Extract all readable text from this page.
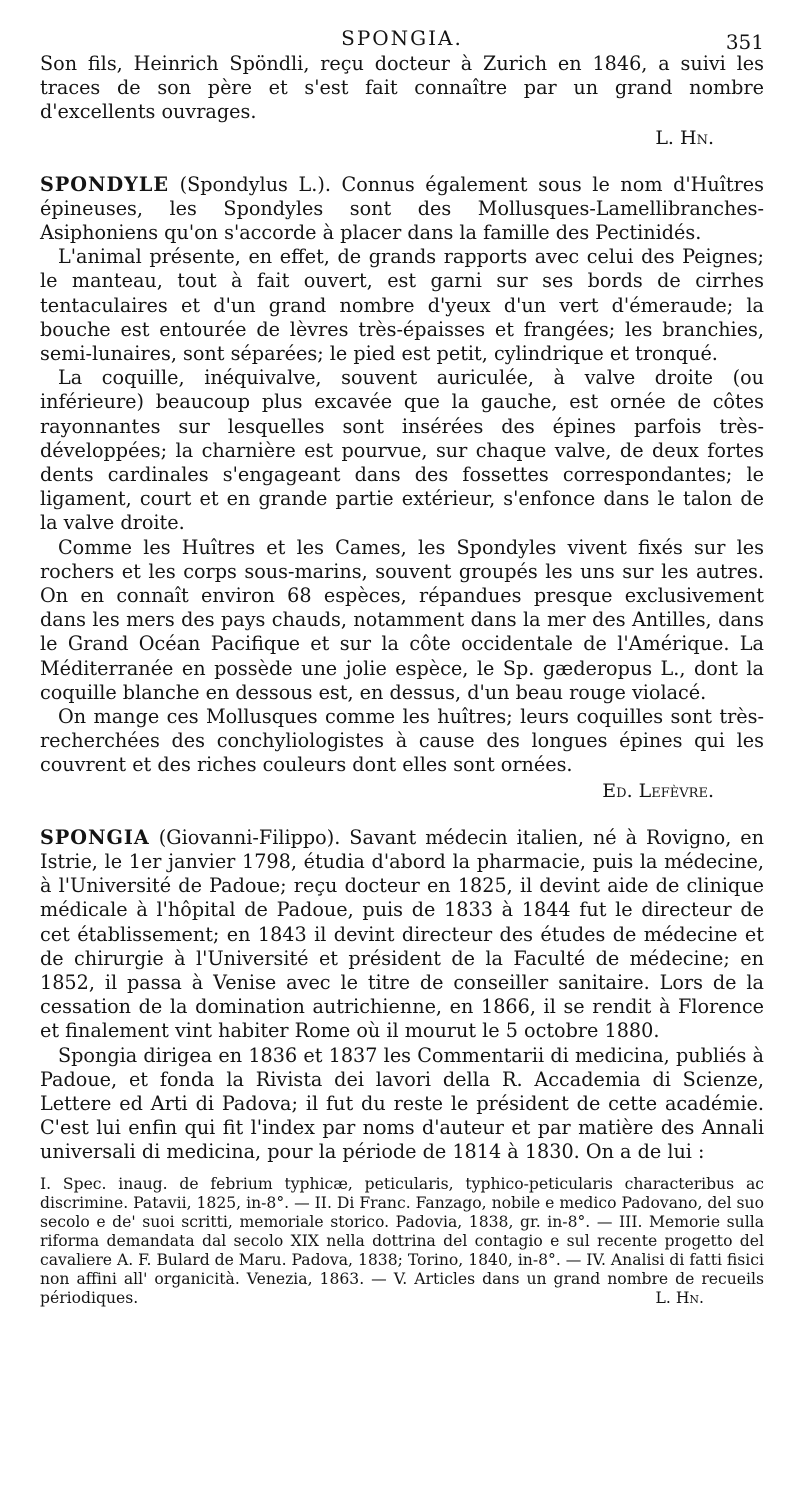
SPONGIA.	351

Son fils, Heinrich Spöndli, reçu docteur à Zurich en 1846, a suivi les traces de son père et s'est fait connaître par un grand nombre d'excellents ouvrages.

L. Hn.

SPONDYLE (Spondylus L.). Connus également sous le nom d'Huîtres épineuses, les Spondyles sont des Mollusques-Lamellibranches-Asiphoniens qu'on s'accorde à placer dans la famille des Pectinidés.

L'animal présente, en effet, de grands rapports avec celui des Peignes; le manteau, tout à fait ouvert, est garni sur ses bords de cirrhes tentaculaires et d'un grand nombre d'yeux d'un vert d'émeraude; la bouche est entourée de lèvres très-épaisses et frangées; les branchies, semi-lunaires, sont séparées; le pied est petit, cylindrique et tronqué.

La coquille, inéquivalve, souvent auriculée, à valve droite (ou inférieure) beaucoup plus excavée que la gauche, est ornée de côtes rayonnantes sur lesquelles sont insérées des épines parfois très-développées; la charnière est pourvue, sur chaque valve, de deux fortes dents cardinales s'engageant dans des fossettes correspondantes; le ligament, court et en grande partie extérieur, s'enfonce dans le talon de la valve droite.

Comme les Huîtres et les Cames, les Spondyles vivent fixés sur les rochers et les corps sous-marins, souvent groupés les uns sur les autres. On en connaît environ 68 espèces, répandues presque exclusivement dans les mers des pays chauds, notamment dans la mer des Antilles, dans le Grand Océan Pacifique et sur la côte occidentale de l'Amérique. La Méditerranée en possède une jolie espèce, le Sp. gæderopus L., dont la coquille blanche en dessous est, en dessus, d'un beau rouge violacé.

On mange ces Mollusques comme les huîtres; leurs coquilles sont très-recherchées des conchyliologistes à cause des longues épines qui les couvrent et des riches couleurs dont elles sont ornées.

Ed. Lefèvre.

SPONGIA (Giovanni-Filippo). Savant médecin italien, né à Rovigno, en Istrie, le 1er janvier 1798, étudia d'abord la pharmacie, puis la médecine, à l'Université de Padoue; reçu docteur en 1825, il devint aide de clinique médicale à l'hôpital de Padoue, puis de 1833 à 1844 fut le directeur de cet établissement; en 1843 il devint directeur des études de médecine et de chirurgie à l'Université et président de la Faculté de médecine; en 1852, il passa à Venise avec le titre de conseiller sanitaire. Lors de la cessation de la domination autrichienne, en 1866, il se rendit à Florence et finalement vint habiter Rome où il mourut le 5 octobre 1880.

Spongia dirigea en 1836 et 1837 les Commentarii di medicina, publiés à Padoue, et fonda la Rivista dei lavori della R. Accademia di Scienze, Lettere ed Arti di Padova; il fut du reste le président de cette académie. C'est lui enfin qui fit l'index par noms d'auteur et par matière des Annali universali di medicina, pour la période de 1814 à 1830. On a de lui :

I. Spec. inaug. de febrium typhicæ, peticularis, typhico-peticularis characteribus ac discrimine. Patavii, 1825, in-8°. — II. Di Franc. Fanzago, nobile e medico Padovano, del suo secolo e de' suoi scritti, memoriale storico. Padovia, 1838, gr. in-8°. — III. Memorie sulla riforma demandata dal secolo XIX nella dottrina del contagio e sul recente progetto del cavaliere A. F. Bulard de Maru. Padova, 1838; Torino, 1840, in-8°. — IV. Analisi di fatti fisici non affini all' organicità. Venezia, 1863. — V. Articles dans un grand nombre de recueils périodiques.	L. Hn.
